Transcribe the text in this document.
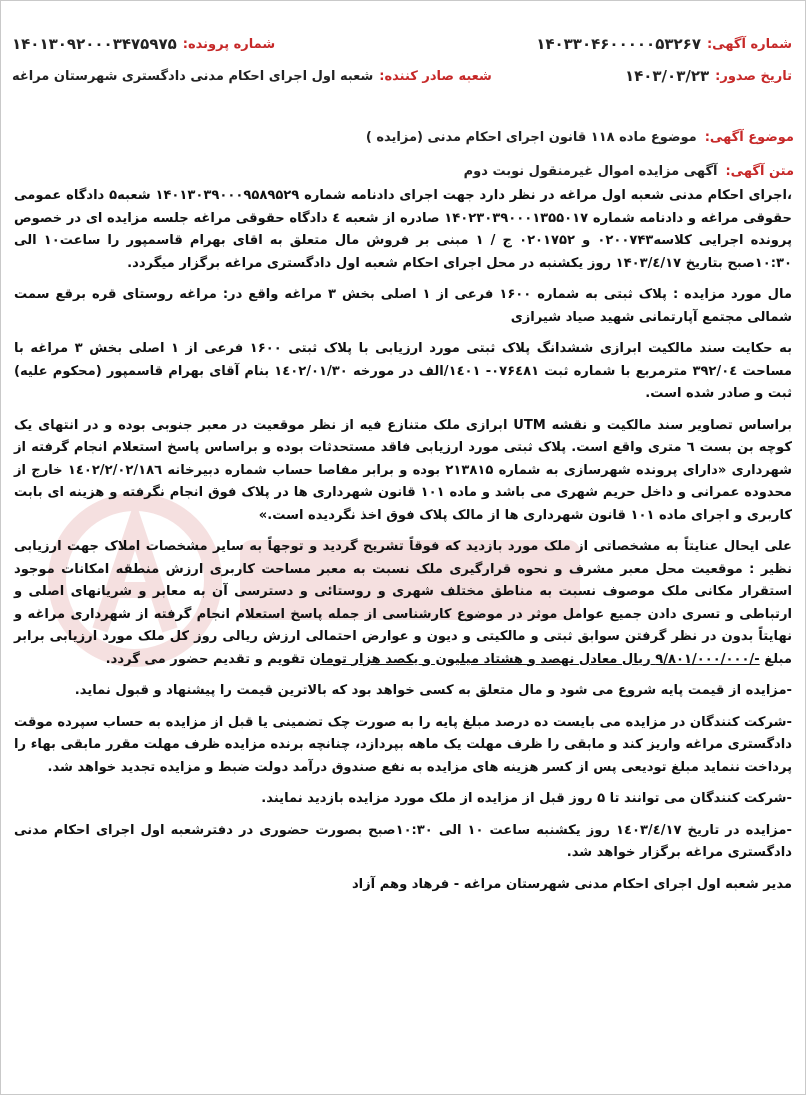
شماره آگهی:
۱۴۰۳۳۰۴۶۰۰۰۰۰۵۳۲۶۷
شماره پرونده:
۱۴۰۱۳۰۹۲۰۰۰۳۴۷۵۹۷۵
تاریخ صدور:
۱۴۰۳/۰۳/۲۳
شعبه صادر کننده:
شعبه اول اجرای احکام مدنی دادگستری شهرستان مراغه
موضوع آگهی:
موضوع ماده ۱۱۸ قانون اجرای احکام مدنی (مزایده )
متن آگهی:
آگهی مزایده اموال غیرمنقول نوبت دوم

،اجرای احکام مدنی شعبه اول مراغه در نظر دارد جهت اجرای دادنامه شماره ۱۴۰۱۳۰۳۹۰۰۰۹۵۸۹۵۲۹ شعبه۵ دادگاه عمومی حقوقی مراغه و دادنامه شماره ۱۴۰۲۳۰۳۹۰۰۰۱۳۵۵۰۱۷ صادره از شعبه ٤ دادگاه حقوقی مراغه جلسه مزایده ای در خصوص پرونده اجرایی کلاسه۰۲۰۰۷۴۳ و ۰۲۰۱۷۵۲ ج / ۱ مبنی بر فروش مال متعلق به اقای بهرام قاسمپور را ساعت۱۰ الی ۱۰:۳۰صبح بتاریخ ۱۴۰۳/٤/۱۷ روز یکشنبه در محل اجرای احکام شعبه اول دادگستری مراغه برگزار میگردد.

مال مورد مزایده : پلاک ثبتی به شماره ۱۶۰۰ فرعی از ۱ اصلی بخش ۳ مراغه واقع در: مراغه روستای قره برقع سمت شمالی مجتمع آپارتمانی شهید صیاد شیرازی

به حکایت سند مالکیت ابرازی ششدانگ پلاک ثبتی مورد ارزیابی با پلاک ثبتی ۱۶۰۰ فرعی از ۱ اصلی بخش ۳ مراغه با مساحت ۳۹۲/۰٤ مترمربع با شماره ثبت ۰۷۶٤۸۱- ۱٤۰۱/الف در مورخه ۱٤۰۲/۰۱/۳۰ بنام آقای بهرام قاسمپور (محکوم علیه) ثبت و صادر شده است.

براساس تصاویر سند مالکیت و نقشه UTM ابرازی ملک متنازع فیه از نظر موقعیت در معبر جنوبی بوده و در انتهای یک کوچه بن بست ٦ متری واقع است. پلاک ثبتی مورد ارزیابی فاقد مستحدثات بوده و براساس پاسخ استعلام انجام گرفته از شهرداری «دارای پرونده شهرسازی به شماره ۲۱۳۸۱۵ بوده و برابر مفاصا حساب شماره دبیرخانه ۱٤۰۲/۲/۰۲/۱۸٦ خارج از محدوده عمرانی و داخل حریم شهری می باشد و ماده ۱۰۱ قانون شهرداری ها در پلاک فوق انجام نگرفته و هزینه ای بابت کاربری و اجرای ماده ۱۰۱ قانون شهرداری ها از مالک پلاک فوق اخذ نگردیده است.»

علی ایحال عنایتاً به مشخصاتی از ملک مورد بازدید که فوقاً تشریح گردید و توجهاً به سایر مشخصات املاک جهت ارزیابی نظیر : موقعیت محل معبر مشرف و نحوه قرارگیری ملک نسبت به معبر مساحت کاربری ارزش منطقه امکانات موجود استقرار مکانی ملک موصوف نسبت به مناطق مختلف شهری و روستائی و دسترسی آن به معابر و شریانهای اصلی و ارتباطی و تسری دادن جمیع عوامل موثر در موضوع کارشناسی از جمله پاسخ استعلام انجام گرفته از شهرداری مراغه و نهایتاً بدون در نظر گرفتن سوابق ثبتی و مالکیتی و دیون و عوارض احتمالی ارزش ریالی روز کل ملک مورد ارزیابی برابر مبلغ -/۹/۸۰۱/۰۰۰/۰۰۰ ریال معادل نهصد و هشتاد میلیون و یکصد هزار تومان تقویم و تقدیم حضور می گردد.

-مزایده از قیمت پایه شروع می شود و مال متعلق به کسی خواهد بود که بالاترین قیمت را پیشنهاد و قبول نماید.

-شرکت کنندگان در مزایده می بایست ده درصد مبلغ پایه را به صورت چک تضمینی یا قبل از مزایده به حساب سپرده موقت دادگستری مراغه واریز کند و مابقی را ظرف مهلت یک ماهه بپردازد، چنانچه برنده مزایده ظرف مهلت مقرر مابقی بهاء را پرداخت ننماید مبلغ تودیعی پس از کسر هزینه های مزایده به نفع صندوق درآمد دولت ضبط و مزایده تجدید خواهد شد.

-شرکت کنندگان می توانند تا ۵ روز قبل از مزایده از ملک مورد مزایده بازدید نمایند.

-مزایده در تاریخ ۱٤۰۳/٤/۱۷ روز یکشنبه ساعت ۱۰ الی ۱۰:۳۰صبح بصورت حضوری در دفترشعبه اول اجرای احکام مدنی دادگستری مراغه برگزار خواهد شد.

مدیر شعبه اول اجرای احکام مدنی شهرستان مراغه - فرهاد وهم آزاد
